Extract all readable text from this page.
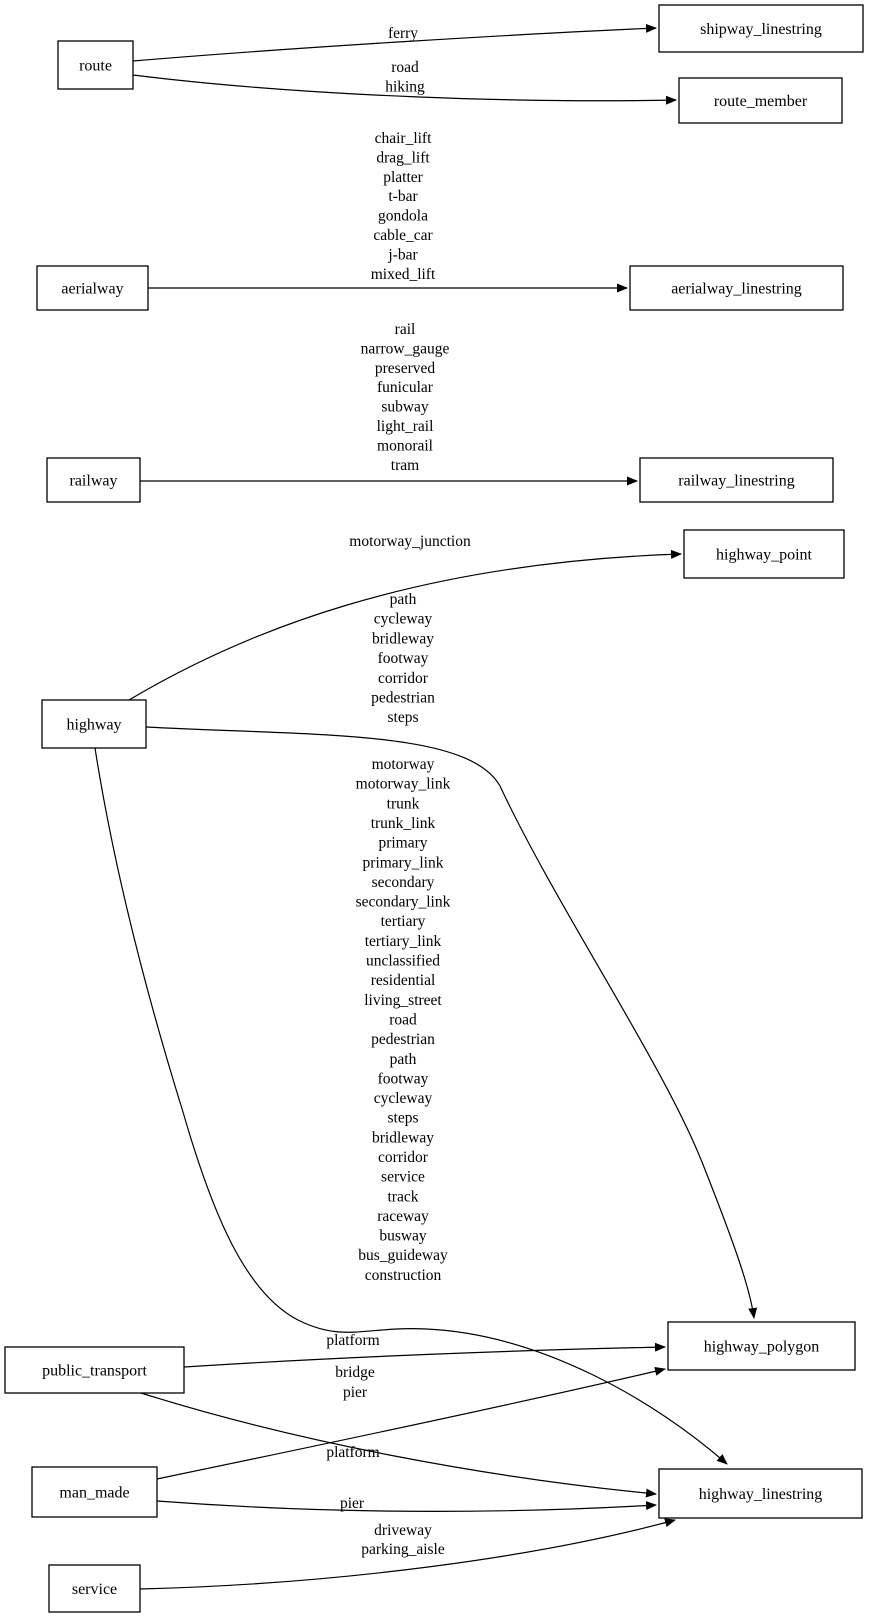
ferry
road hiking
chair_lift drag_lift platter t-bar gondola cable_car j-bar mixed_lift
rail narrow_gauge preserved funicular subway light_rail monorail tram
motorway_junction
path cycleway bridleway footway corridor pedestrian steps
motorway motorway_link trunk trunk_link primary primary_link secondary secondary_link tertiary tertiary_link unclassified residential living_street road pedestrian path footway cycleway steps bridleway corridor service track raceway busway bus_guideway construction
platform
bridge pier
platform
pier
driveway parking_aisle
route
shipway_linestring
route_member
aerialway	aerialway_linestring
railway	railway_linestring
highway_point
highway
highway_polygon
public_transport
man_made	highway_linestring
service
